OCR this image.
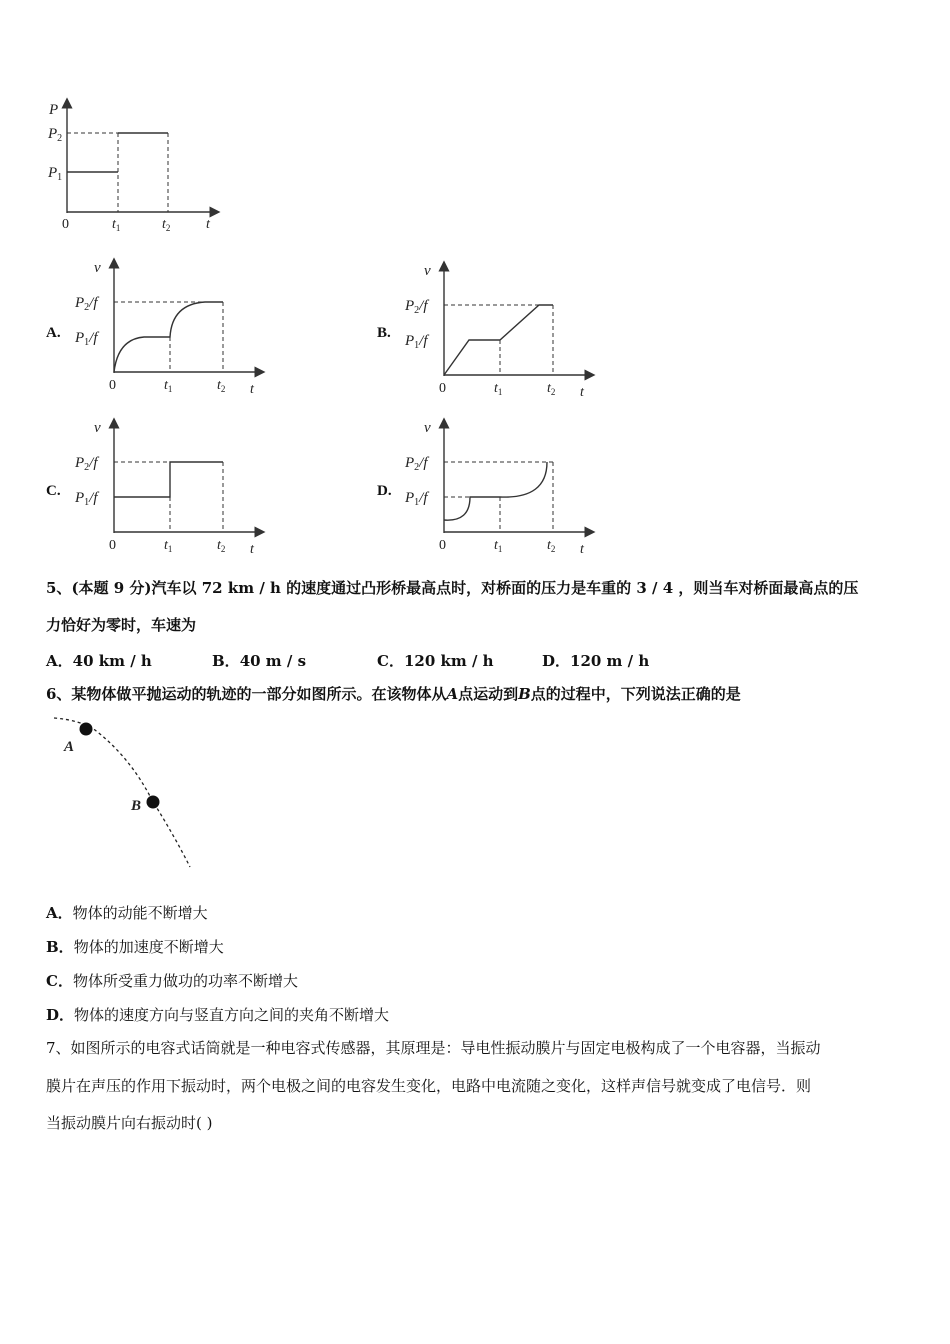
P
$P_2$
$P_1$
0	$t_1$	$t_2$	t
A.	B.
C.	D.
v
$P_2/f$
$P_1/f$
0	$t_1$	$t_2$ t
v
$P_2/f$
$P_1/f$
0	$t_1$	$t_2$ t
v
$P_2/f$
$P_1/f$
0	$t_1$	$t_2$ t
v
$P_2/f$
$P_1/f$
0	$t_1$	$t_2$ t
5、(本题 9 分)汽车以 72 km / h 的速度通过凸形桥最高点时，对桥面的压力是车重的 3 / 4 ，则当车对桥面最高点的压
力恰好为零时，车速为
A．40 km / h	B．40 m / s	C．120 km / h	D．120 m / h
6、某物体做平抛运动的轨迹的一部分如图所示。在该物体从A点运动到B点的过程中，下列说法正确的是
A
B
A．物体的动能不断增大
B．物体的加速度不断增大
C．物体所受重力做功的功率不断增大
D．物体的速度方向与竖直方向之间的夹角不断增大
7、如图所示的电容式话筒就是一种电容式传感器，其原理是：导电性振动膜片与固定电极构成了一个电容器，当振动
膜片在声压的作用下振动时，两个电极之间的电容发生变化，电路中电流随之变化，这样声信号就变成了电信号．则
当振动膜片向右振动时( )
